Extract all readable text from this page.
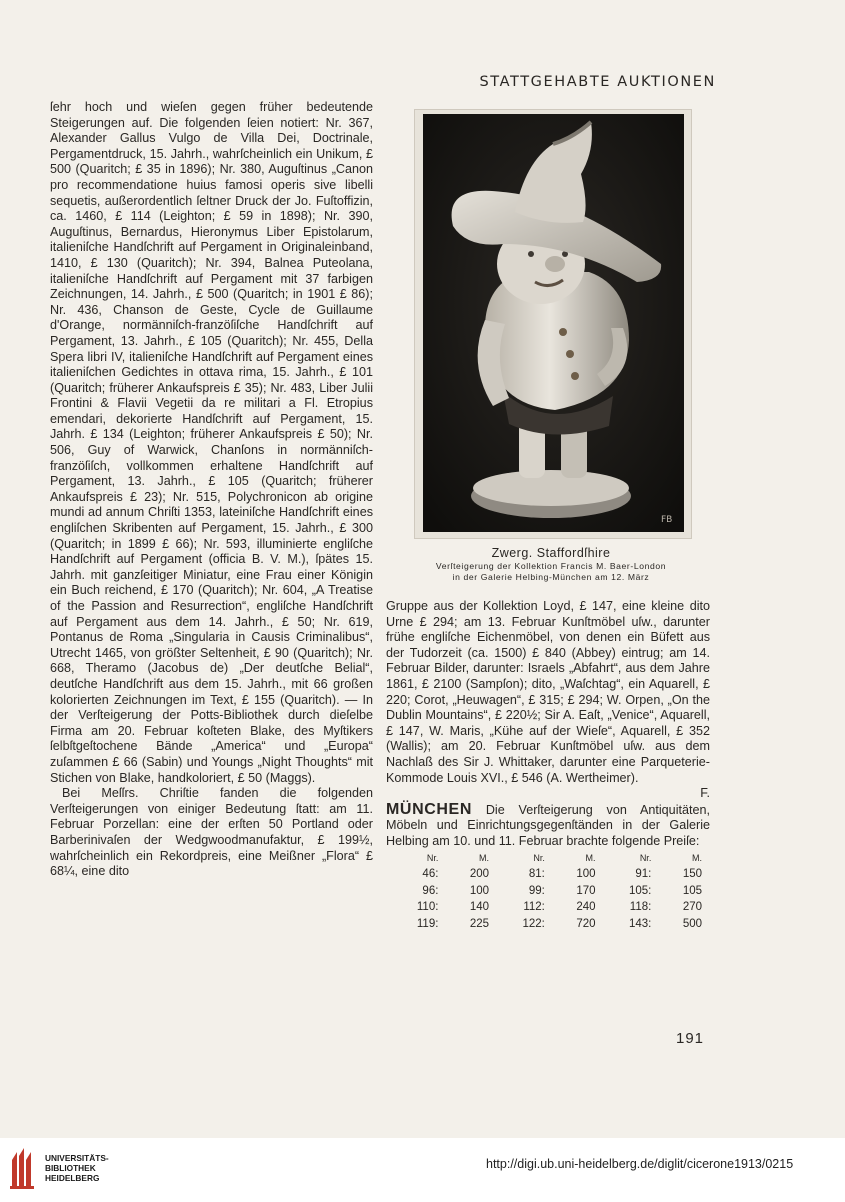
STATTGEHABTE AUKTIONEN

ſehr hoch und wieſen gegen früher bedeutende Steigerungen auf. Die folgenden ſeien notiert: Nr. 367, Alexander Gallus Vulgo de Villa Dei, Doctrinale, Pergamentdruck, 15. Jahrh., wahrſcheinlich ein Unikum, £ 500 (Quaritch; £ 35 in 1896); Nr. 380, Auguſtinus „Canon pro recommendatione huius famosi operis sive libelli sequetis, außerordentlich ſeltner Druck der Jo. Fuſtoffizin, ca. 1460, £ 114 (Leighton; £ 59 in 1898); Nr. 390, Auguſtinus, Bernardus, Hieronymus Liber Epistolarum, italieniſche Handſchrift auf Pergament in Originaleinband, 1410, £ 130 (Quaritch); Nr. 394, Balnea Puteolana, italieniſche Handſchrift auf Pergament mit 37 farbigen Zeichnungen, 14. Jahrh., £ 500 (Quaritch; in 1901 £ 86); Nr. 436, Chanson de Geste, Cycle de Guillaume d'Orange, normänniſch-franzöſiſche Handſchrift auf Pergament, 13. Jahrh., £ 105 (Quaritch); Nr. 455, Della Spera libri IV, italieniſche Handſchrift auf Pergament eines italieniſchen Gedichtes in ottava rima, 15. Jahrh., £ 101 (Quaritch; früherer Ankaufspreis £ 35); Nr. 483, Liber Julii Frontini & Flavii Vegetii da re militari a Fl. Etropius emendari, dekorierte Handſchrift auf Pergament, 15. Jahrh. £ 134 (Leighton; früherer Ankaufspreis £ 50); Nr. 506, Guy of Warwick, Chanſons in normänniſch-franzöſiſch, vollkommen erhaltene Handſchrift auf Pergament, 13. Jahrh., £ 105 (Quaritch; früherer Ankaufspreis £ 23); Nr. 515, Polychronicon ab origine mundi ad annum Chriſti 1353, lateiniſche Handſchrift eines engliſchen Skribenten auf Pergament, 15. Jahrh., £ 300 (Quaritch; in 1899 £ 66); Nr. 593, illuminierte engliſche Handſchrift auf Pergament (officia B. V. M.), ſpätes 15. Jahrh. mit ganzſeitiger Miniatur, eine Frau einer Königin ein Buch reichend, £ 170 (Quaritch); Nr. 604, „A Treatise of the Passion and Resurrection“, engliſche Handſchrift auf Pergament aus dem 14. Jahrh., £ 50; Nr. 619, Pontanus de Roma „Singularia in Causis Criminalibus“, Utrecht 1465, von größter Seltenheit, £ 90 (Quaritch); Nr. 668, Theramo (Jacobus de) „Der deutſche Belial“, deutſche Handſchrift aus dem 15. Jahrh., mit 66 großen kolorierten Zeichnungen im Text, £ 155 (Quaritch). — In der Verſteigerung der Potts-Bibliothek durch dieſelbe Firma am 20. Februar koſteten Blake, des Myſtikers ſelbſtgeſtochene Bände „America“ und „Europa“ zuſammen £ 66 (Sabin) und Youngs „Night Thoughts“ mit Stichen von Blake, handkoloriert, £ 50 (Maggs).

Bei Meſſrs. Chriſtie fanden die folgenden Verſteigerungen von einiger Bedeutung ſtatt: am 11. Februar Porzellan: eine der erſten 50 Portland oder Barberinivaſen der Wedgwoodmanufaktur, £ 199½, wahrſcheinlich ein Rekordpreis, eine Meißner „Flora“ £ 68¼, eine dito

FB
Zwerg. Staffordſhire
Verſteigerung der Kollektion Francis M. Baer-London
in der Galerie Helbing-München am 12. März

Gruppe aus der Kollektion Loyd, £ 147, eine kleine dito Urne £ 294; am 13. Februar Kunſtmöbel uſw., darunter frühe engliſche Eichenmöbel, von denen ein Büfett aus der Tudorzeit (ca. 1500) £ 840 (Abbey) eintrug; am 14. Februar Bilder, darunter: Israels „Abfahrt“, aus dem Jahre 1861, £ 2100 (Sampſon); dito, „Waſchtag“, ein Aquarell, £ 220; Corot, „Heuwagen“, £ 315; £ 294; W. Orpen, „On the Dublin Mountains“, £ 220½; Sir A. Eaſt, „Venice“, Aquarell, £ 147, W. Maris, „Kühe auf der Wieſe“, Aquarell, £ 352 (Wallis); am 20. Februar Kunſtmöbel uſw. aus dem Nachlaß des Sir J. Whittaker, darunter eine Parqueterie-Kommode Louis XVI., £ 546 (A. Wertheimer).

F.

MÜNCHEN Die Verſteigerung von Antiquitäten, Möbeln und Einrichtungsgegenſtänden in der Galerie Helbing am 10. und 11. Februar brachte folgende Preiſe:

Nr.	M.	Nr.	M.	Nr.	M.
46:	200	81:	100	91:	150
96:	100	99:	170	105:	105
110:	140	112:	240	118:	270
119:	225	122:	720	143:	500
191
UNIVERSITÄTS-
BIBLIOTHEK
HEIDELBERG
http://digi.ub.uni-heidelberg.de/diglit/cicerone1913/0215
